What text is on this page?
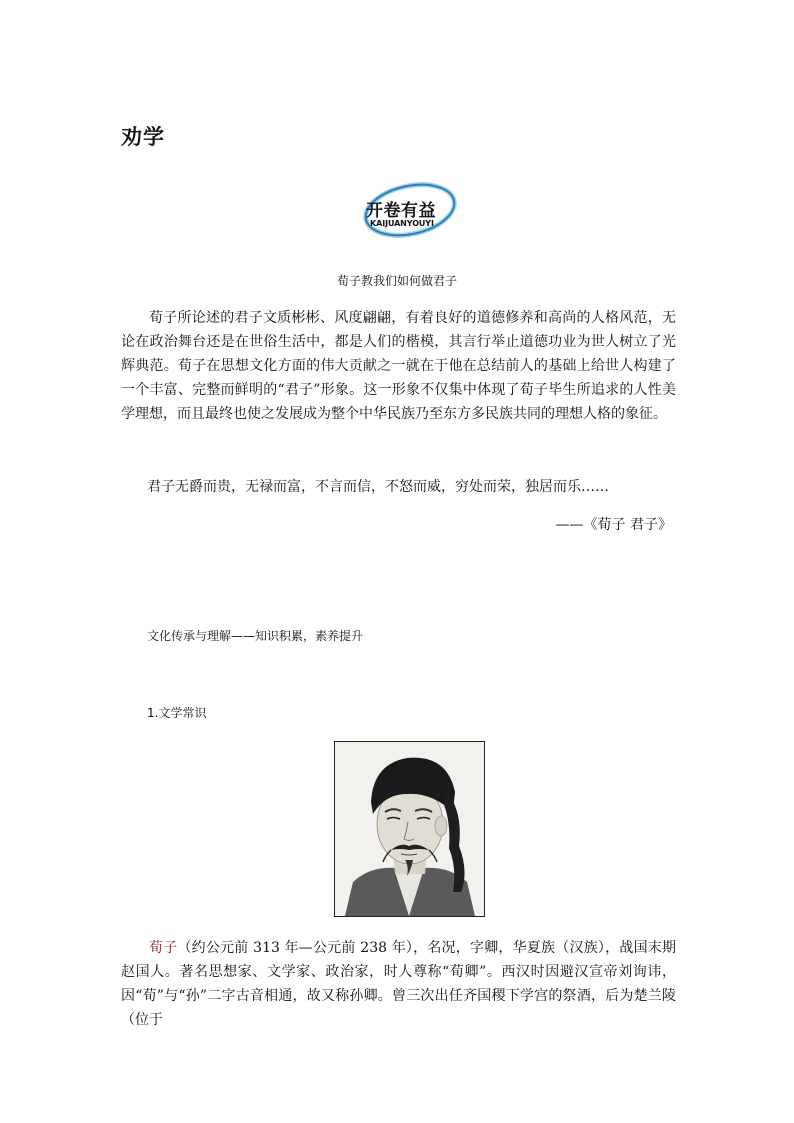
劝学
开卷有益
KAIJUANYOUYI
荀子教我们如何做君子

荀子所论述的君子文质彬彬、风度翩翩，有着良好的道德修养和高尚的人格风范，无论在政治舞台还是在世俗生活中，都是人们的楷模，其言行举止道德功业为世人树立了光辉典范。荀子在思想文化方面的伟大贡献之一就在于他在总结前人的基础上给世人构建了一个丰富、完整而鲜明的“君子”形象。这一形象不仅集中体现了荀子毕生所追求的人性美学理想，而且最终也使之发展成为整个中华民族乃至东方多民族共同的理想人格的象征。

君子无爵而贵，无禄而富，不言而信，不怒而威，穷处而荣，独居而乐……

——《荀子 君子》

文化传承与理解——知识积累，素养提升
1.文学常识

荀子（约公元前 313 年—公元前 238 年），名况，字卿，华夏族（汉族），战国末期赵国人。著名思想家、文学家、政治家，时人尊称“荀卿”。西汉时因避汉宣帝刘询讳，因“荀”与“孙”二字古音相通，故又称孙卿。曾三次出任齐国稷下学宫的祭酒，后为楚兰陵（位于
